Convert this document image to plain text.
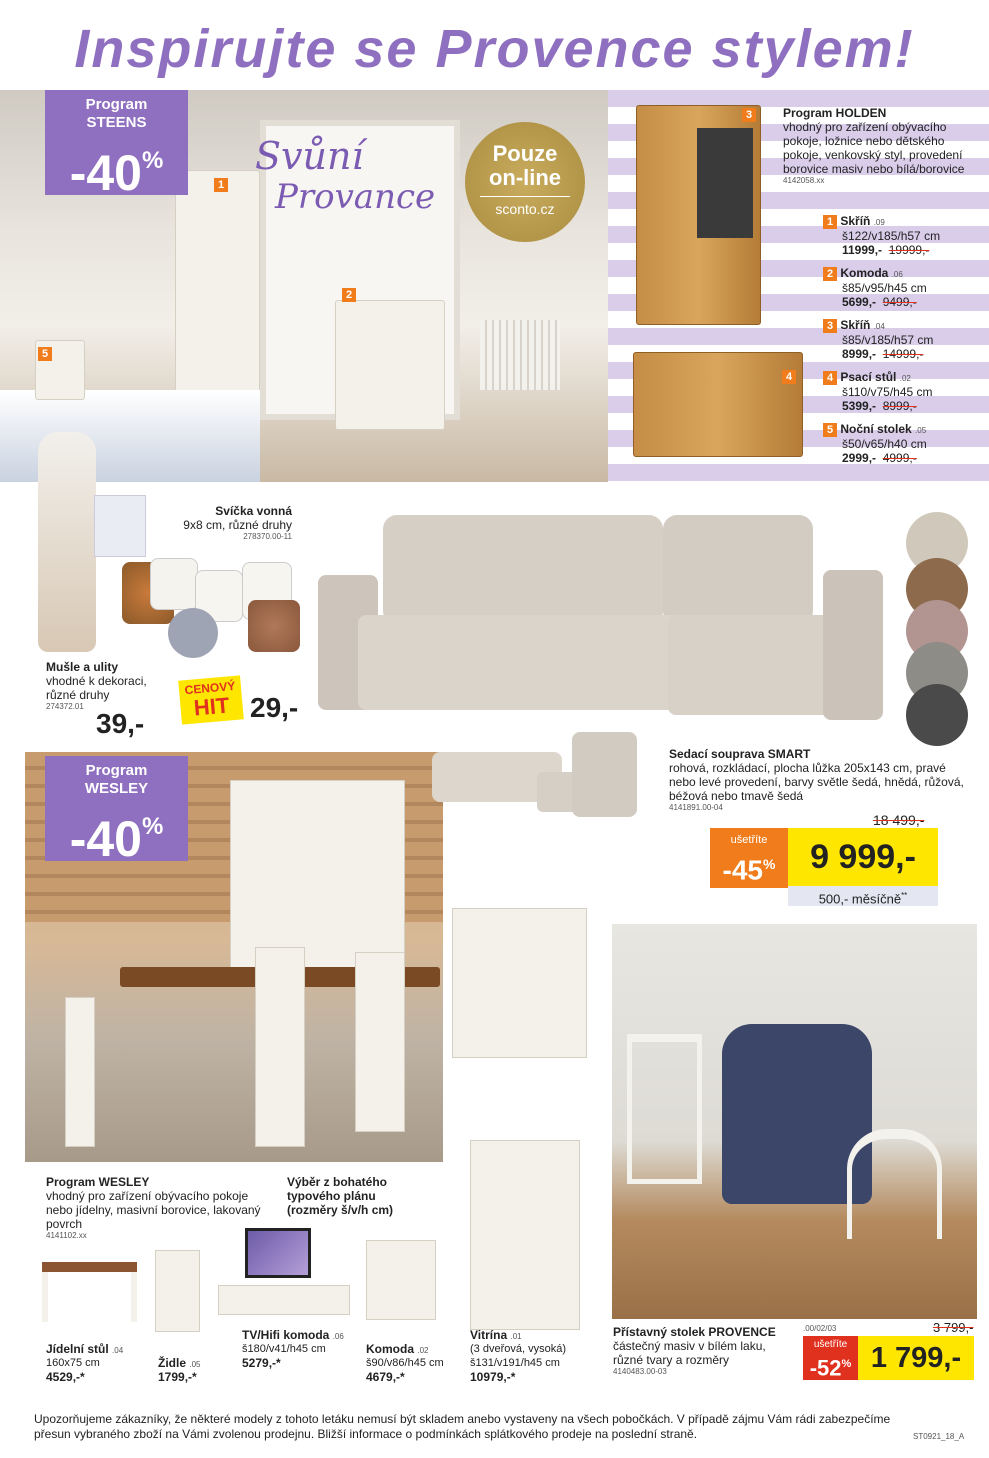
Inspirujte se Provence stylem!
1
2
5
Program
STEENS
-40%	Svůní
Provance
Pouze
on-line
sconto.cz
3
4
Program HOLDEN
vhodný pro zařízení obývacího pokoje, ložnice nebo dětského pokoje, venkovský styl, provedení borovice masiv nebo bílá/borovice
4142058.xx
1 Skříň .09
š122/v185/h57 cm
11999,- 19999,-
2 Komoda .06
š85/v95/h45 cm
5699,- 9499,-
3 Skříň .04
š85/v185/h57 cm
8999,- 14999,-
4 Psací stůl .02
š110/v75/h45 cm
5399,- 8999,-
5 Noční stolek .05
š50/v65/h40 cm
2999,- 4999,-
Svíčka vonná
9x8 cm, různé druhy
278370.00-11
Mušle a ulity
vhodné k dekoraci, různé druhy
274372.01
39,-
CENOVÝ
HIT 29,-
Program
WESLEY
-40%
Sedací souprava SMART
rohová, rozkládací, plocha lůžka 205x143 cm, pravé nebo levé provedení, barvy světle šedá, hnědá, růžová, béžová nebo tmavě šedá
4141891.00-04
18 499,-
ušetříte
-45%	9 999,-
500,- měsíčně**
Program WESLEY
vhodný pro zařízení obývacího pokoje nebo jídelny, masivní borovice, lakovaný povrch
4141102.xx
Výběr z bohatého typového plánu (rozměry š/v/h cm)
Jídelní stůl .04
160x75 cm
4529,-*
Židle .05
1799,-*
TV/Hifi komoda .06
š180/v41/h45 cm
5279,-*
Komoda .02
š90/v86/h45 cm
4679,-*
Vitrína .01
(3 dveřová, vysoká) š131/v191/h45 cm
10979,-*
Přístavný stolek PROVENCE
částečný masiv v bílém laku, různé tvary a rozměry
4140483.00-03
.00/02/03	3 799,-
ušetříte
-52% 1 799,-
Upozorňujeme zákazníky, že některé modely z tohoto letáku nemusí být skladem anebo vystaveny na všech pobočkách. V případě zájmu Vám rádi zabezpečíme přesun vybraného zboží na Vámi zvolenou prodejnu. Bližší informace o podmínkách splátkového prodeje na poslední straně.	ST0921_18_A
